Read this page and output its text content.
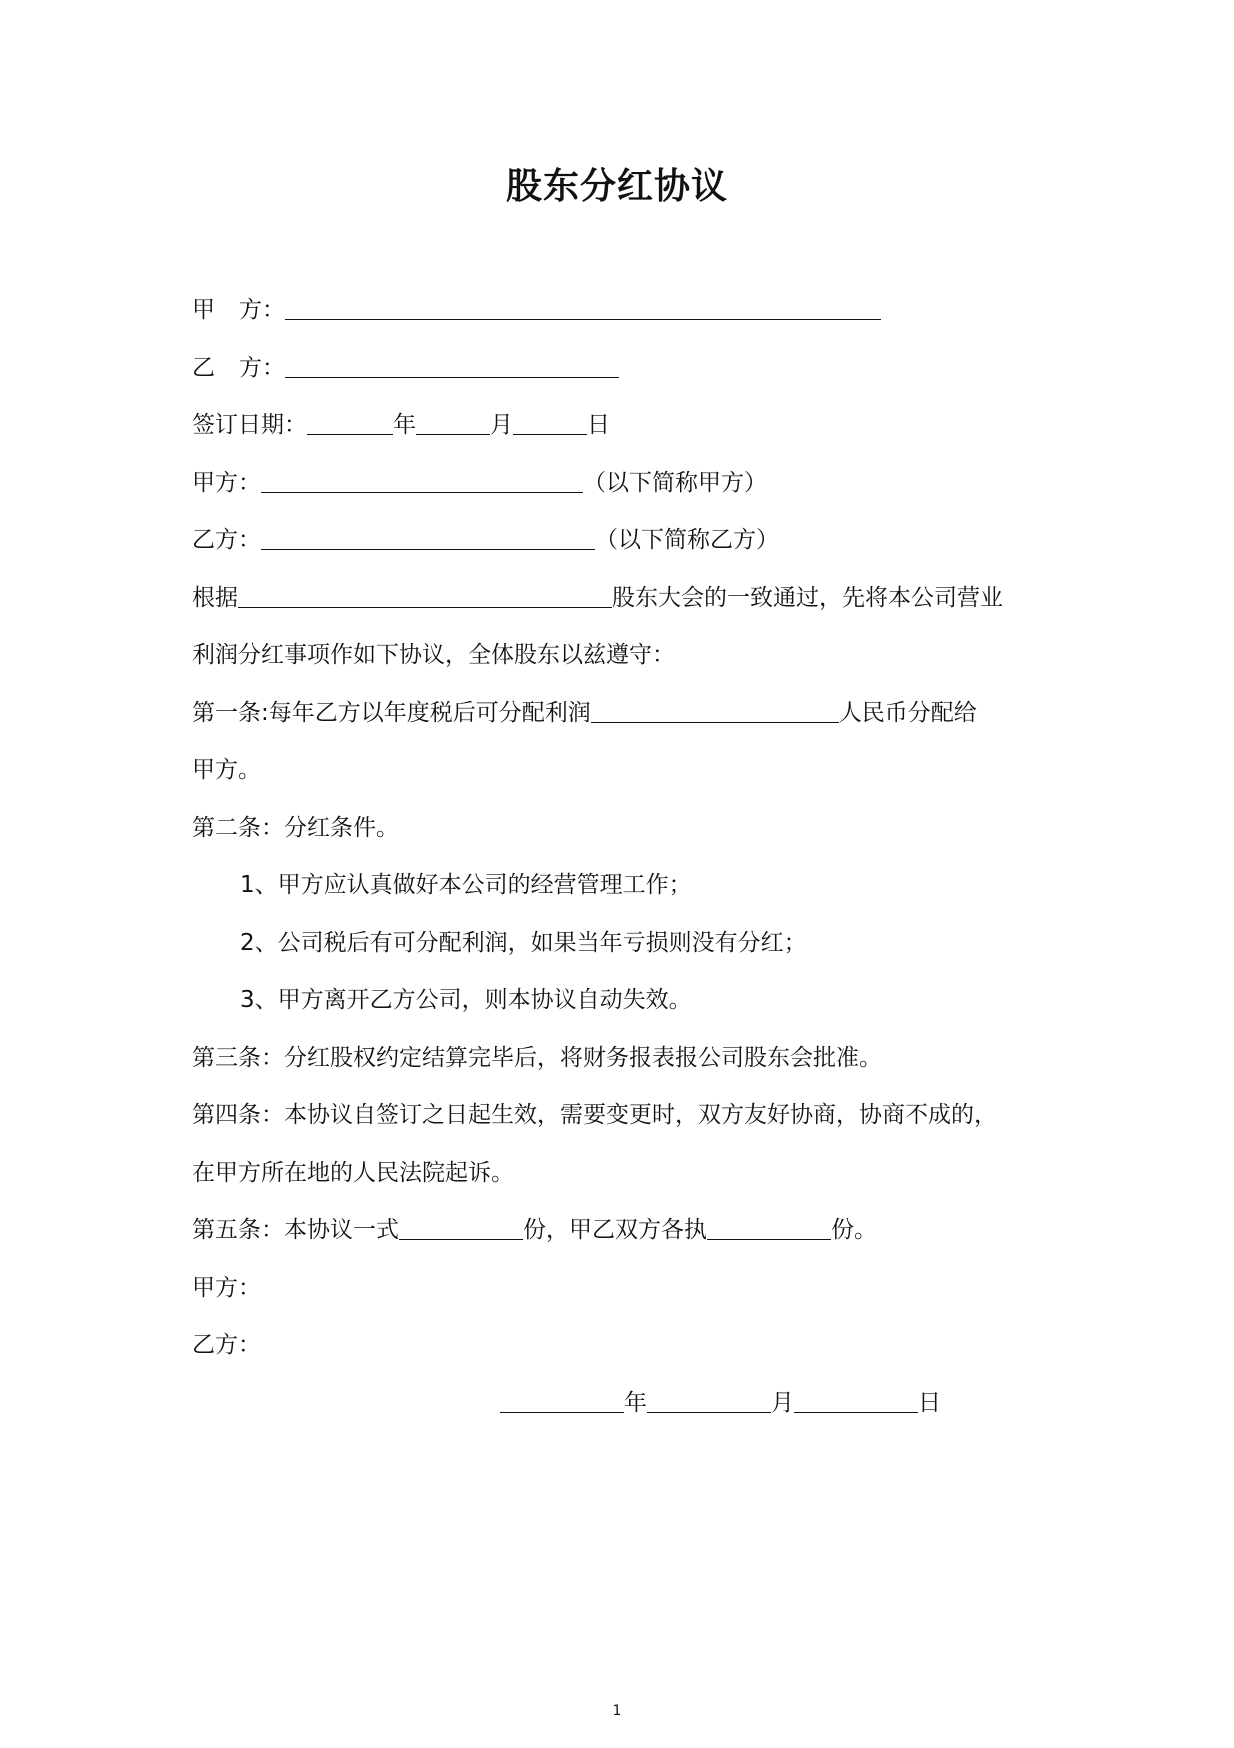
股东分红协议
甲 方：
乙 方：
签订日期：	年	月	日
甲方：	（以下简称甲方）
乙方：	（以下简称乙方）
根据	股东大会的一致通过，先将本公司营业
利润分红事项作如下协议，全体股东以兹遵守：
第一条:每年乙方以年度税后可分配利润	人民币分配给
甲方。
第二条：分红条件。
1、甲方应认真做好本公司的经营管理工作；
2、公司税后有可分配利润，如果当年亏损则没有分红；
3、甲方离开乙方公司，则本协议自动失效。
第三条：分红股权约定结算完毕后，将财务报表报公司股东会批准。
第四条：本协议自签订之日起生效，需要变更时，双方友好协商，协商不成的，
在甲方所在地的人民法院起诉。
第五条：本协议一式	份，甲乙双方各执	份。
甲方：
乙方：
年	月	日
1
